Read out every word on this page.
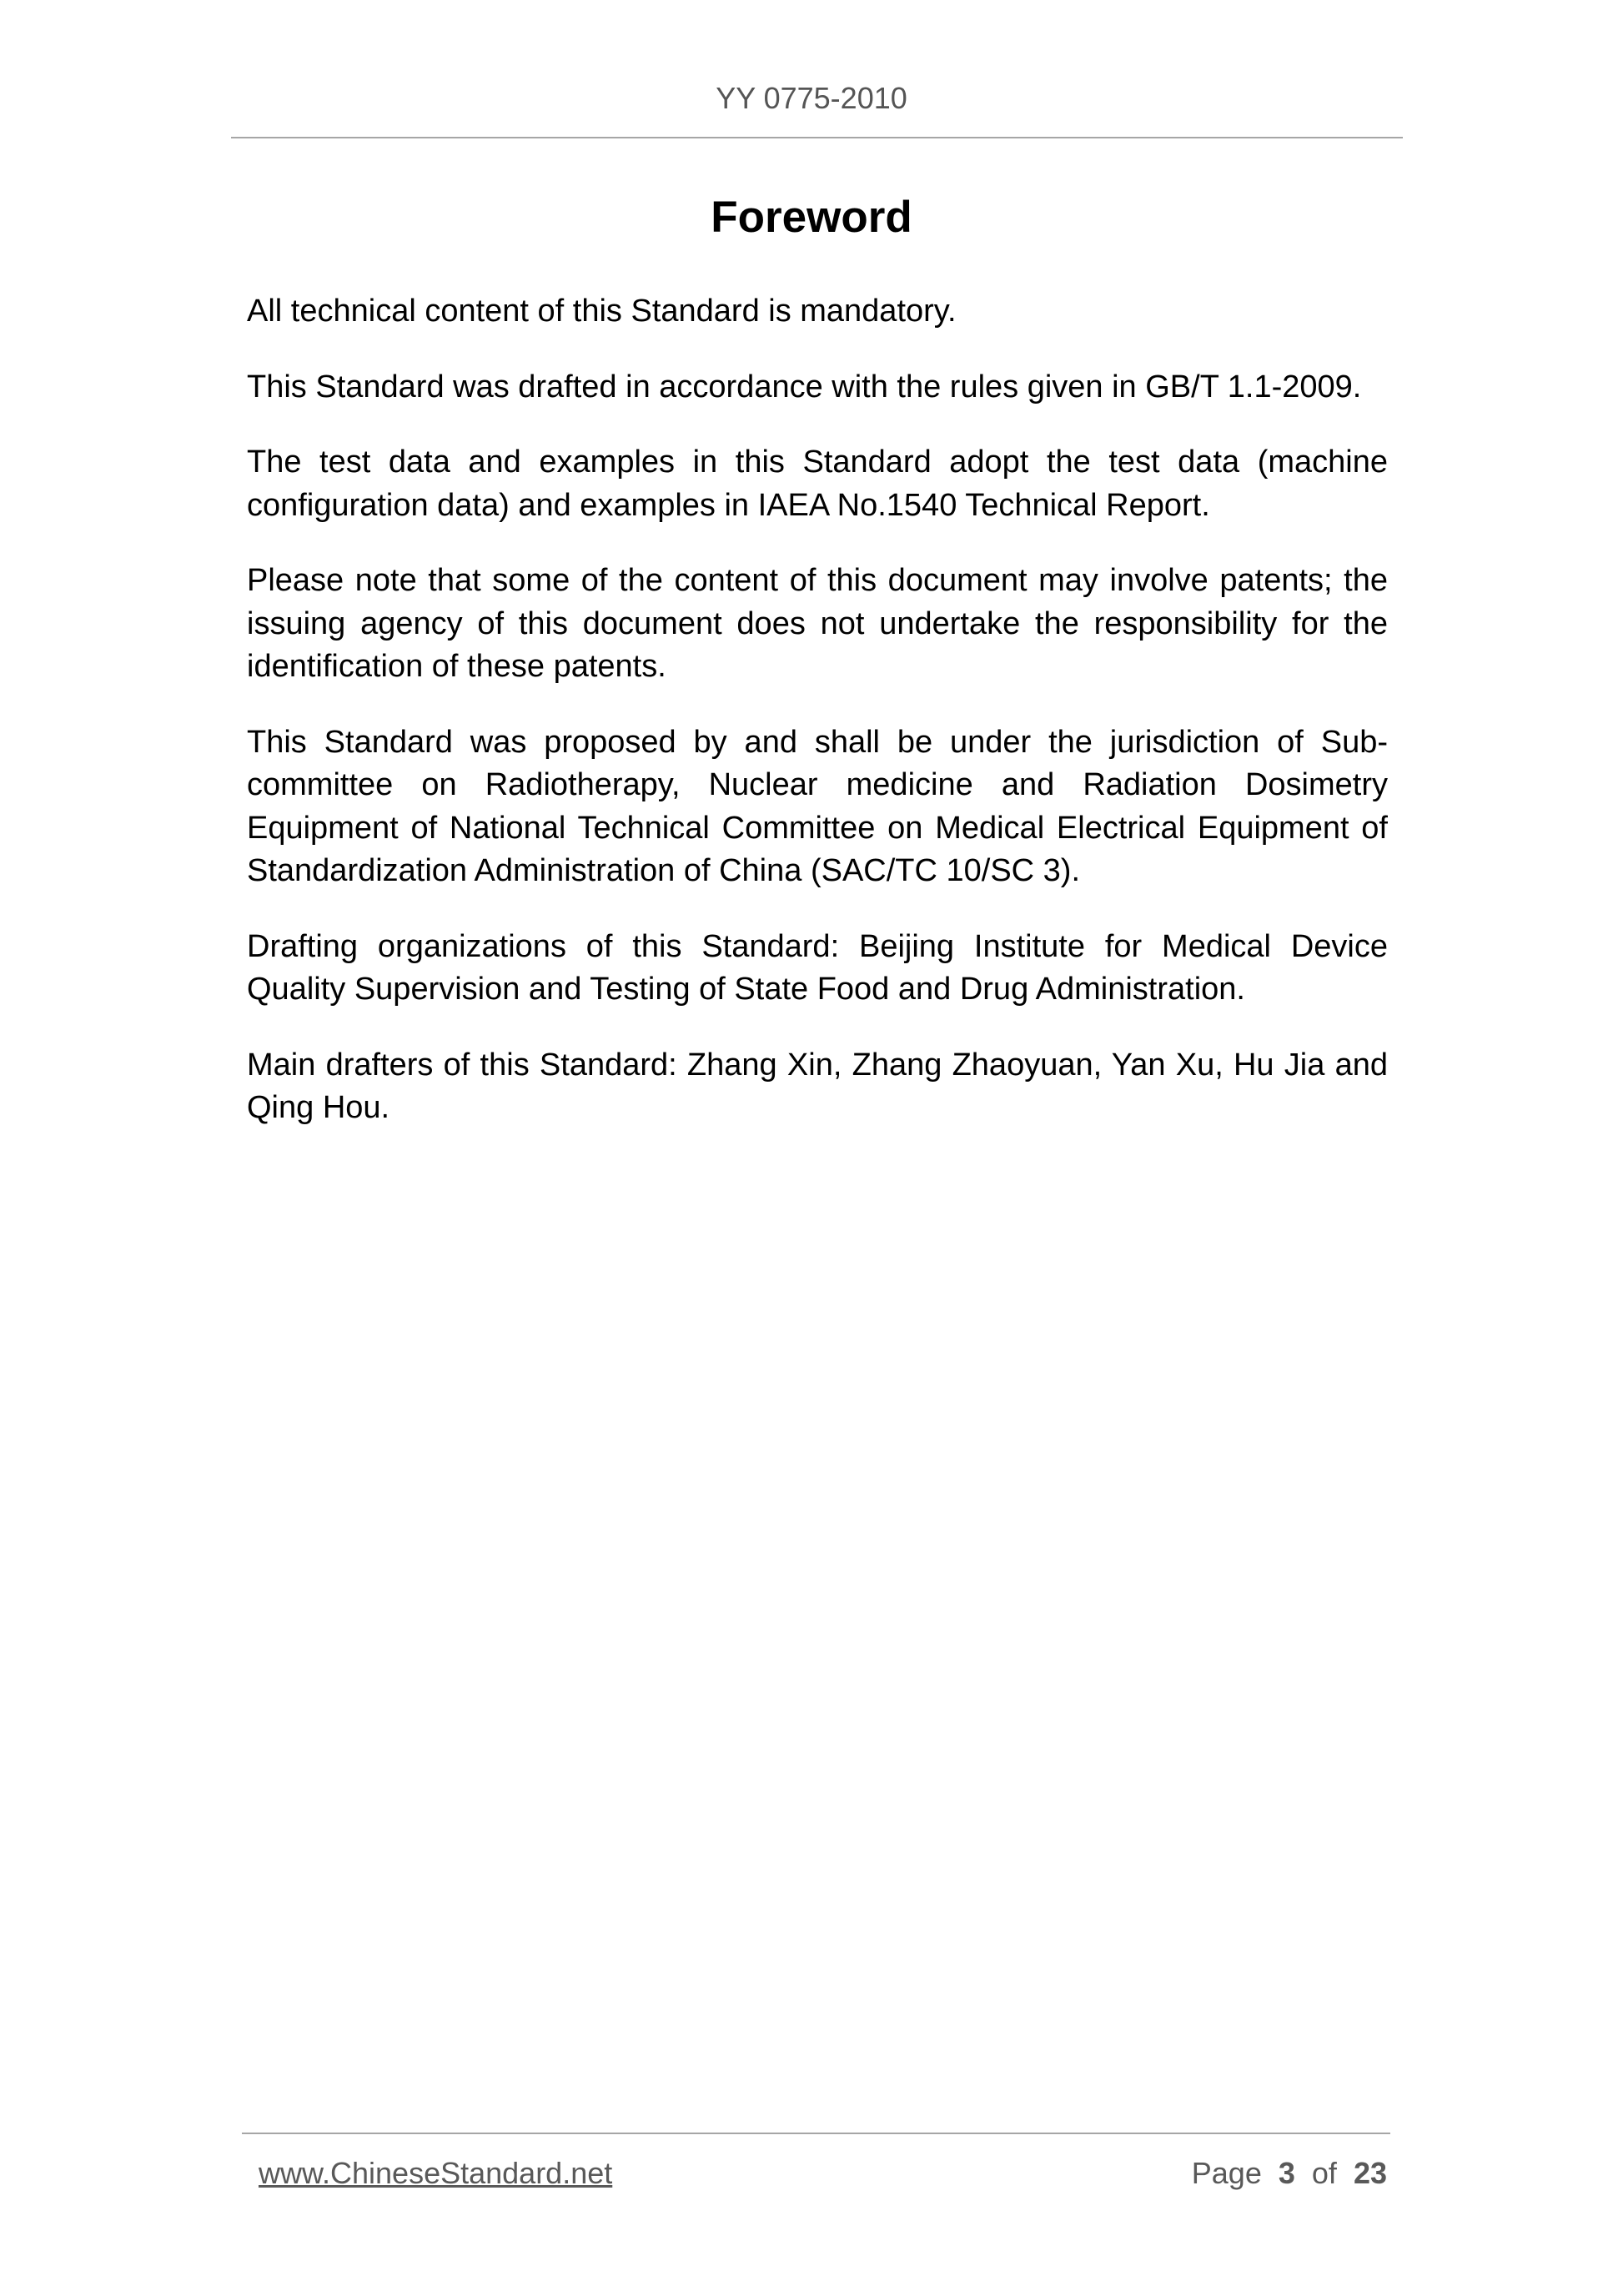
YY 0775-2010
Foreword

All technical content of this Standard is mandatory.

This Standard was drafted in accordance with the rules given in GB/T 1.1-2009.

The test data and examples in this Standard adopt the test data (machine configuration data) and examples in IAEA No.1540 Technical Report.

Please note that some of the content of this document may involve patents; the issuing agency of this document does not undertake the responsibility for the identification of these patents.

This Standard was proposed by and shall be under the jurisdiction of Sub-committee on Radiotherapy, Nuclear medicine and Radiation Dosimetry Equipment of National Technical Committee on Medical Electrical Equipment of Standardization Administration of China (SAC/TC 10/SC 3).

Drafting organizations of this Standard: Beijing Institute for Medical Device Quality Supervision and Testing of State Food and Drug Administration.

Main drafters of this Standard: Zhang Xin, Zhang Zhaoyuan, Yan Xu, Hu Jia and Qing Hou.

www.ChineseStandard.net	Page 3 of 23
